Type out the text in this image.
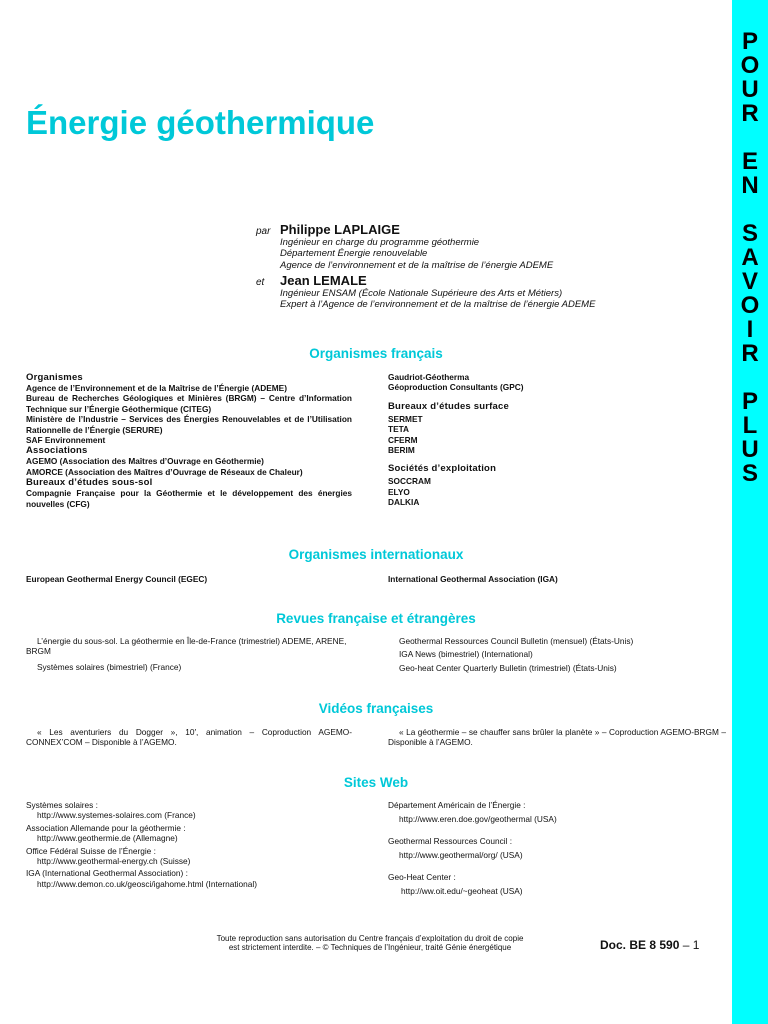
P
O
U
R
E
N
S
A
V
O
I
R
P
L
U
S
Énergie géothermique
par Philippe LAPLAIGE
Ingénieur en charge du programme géothermie
Département Énergie renouvelable
Agence de l’environnement et de la maîtrise de l’énergie ADEME
et	Jean LEMALE
Ingénieur ENSAM (École Nationale Supérieure des Arts et Métiers)
Expert à l’Agence de l’environnement et de la maîtrise de l’énergie ADEME
Organismes français

Organismes

Agence de l’Environnement et de la Maîtrise de l’Énergie (ADEME)

Bureau de Recherches Géologiques et Minières (BRGM) – Centre d’Information Technique sur l’Énergie Géothermique (CITEG)

Ministère de l’Industrie – Services des Énergies Renouvelables et de l’Utilisation Rationnelle de l’Énergie (SERURE)

SAF Environnement

Associations

AGEMO (Association des Maîtres d’Ouvrage en Géothermie)

AMORCE (Association des Maîtres d’Ouvrage de Réseaux de Chaleur)

Bureaux d’études sous-sol

Compagnie Française pour la Géothermie et le développement des énergies nouvelles (CFG)

Gaudriot-Géotherma

Géoproduction Consultants (GPC)

Bureaux d’études surface

SERMET

TETA

CFERM

BERIM

Sociétés d’exploitation

SOCCRAM

ELYO

DALKIA

Organismes internationaux

European Geothermal Energy Council (EGEC)	International Geothermal Association (IGA)

Revues française et étrangères

L’énergie du sous-sol. La géothermie en Île-de-France (trimestriel) ADEME, ARENE, BRGM

Systèmes solaires (bimestriel) (France)

Geothermal Ressources Council Bulletin (mensuel) (États-Unis)

IGA News (bimestriel) (International)

Geo-heat Center Quarterly Bulletin (trimestriel) (États-Unis)

Vidéos françaises
« Les aventuriers du Dogger », 10′, animation – Coproduction AGEMO-CONNEX’COM – Disponible à l’AGEMO.
« La géothermie – se chauffer sans brûler la planète » – Coproduction AGEMO-BRGM – Disponible à l’AGEMO.
Sites Web

Systèmes solaires :

http://www.systemes-solaires.com (France)

Association Allemande pour la géothermie :

http://www.geothermie.de (Allemagne)

Office Fédéral Suisse de l’Énergie :

http://www.geothermal-energy.ch (Suisse)

IGA (International Geothermal Association) :

http://www.demon.co.uk/geosci/igahome.html (International)

Département Américain de l’Énergie :

http://www.eren.doe.gov/geothermal (USA)

Geothermal Ressources Council :

http://www.geothermal/org/ (USA)

Geo-Heat Center :

http://ww.oit.edu/~geoheat (USA)

Toute reproduction sans autorisation du Centre français d’exploitation du droit de copie
est strictement interdite. – © Techniques de l’Ingénieur, traité Génie énergétique	Doc. BE 8 590 – 1
